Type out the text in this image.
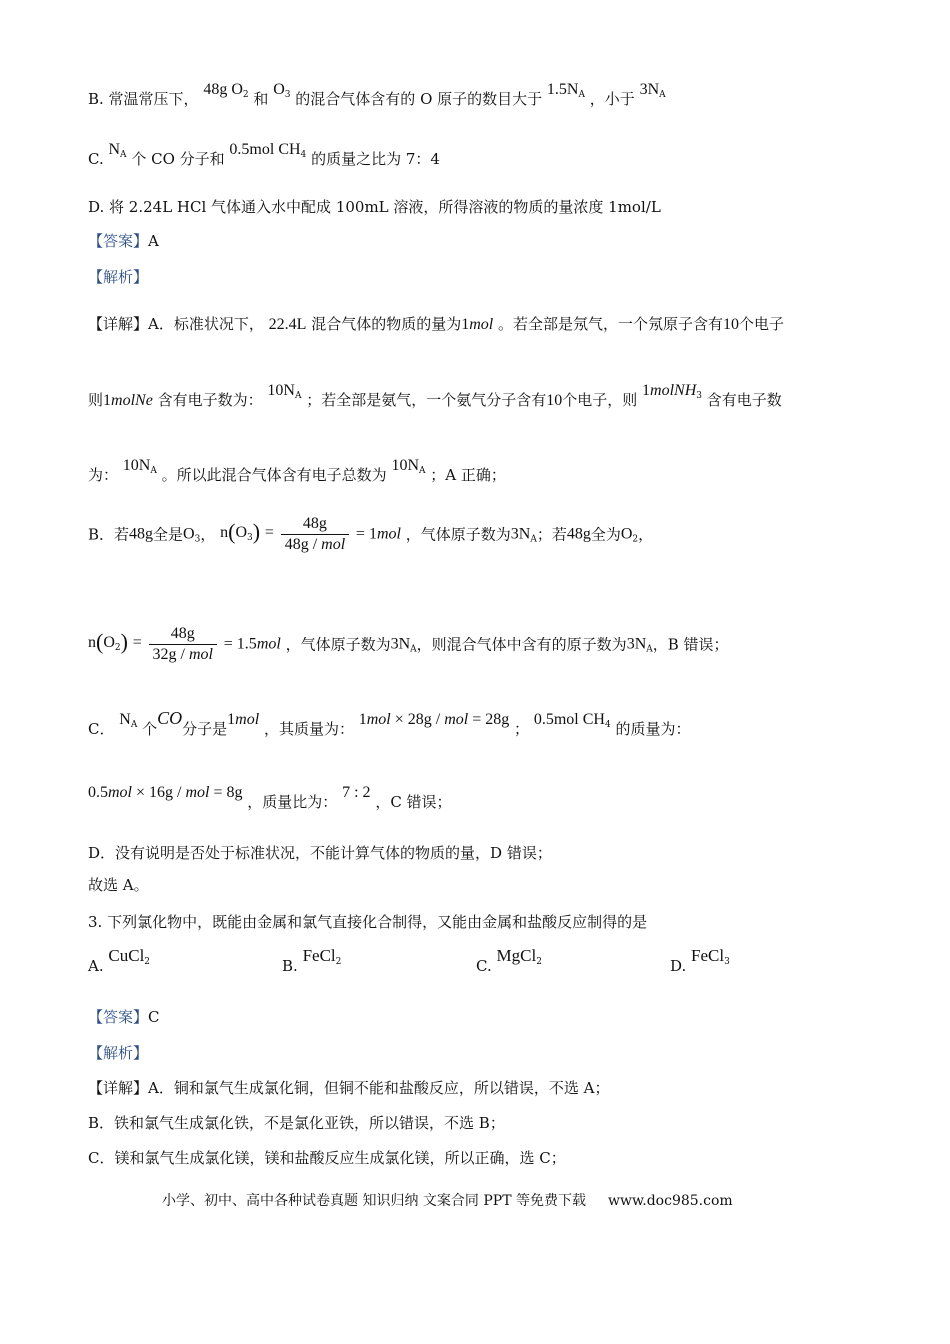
B. 常温常压下， 48g $O_2$ 和 $O_3$ 的混合气体含有的 O 原子的数目大于 $1.5N_A$ ，小于 $3N_A$
C. $N_A$ 个 CO 分子和 0.5mol $CH_4$ 的质量之比为 7：4
D. 将 2.24L HCl 气体通入水中配成 100mL 溶液，所得溶液的物质的量浓度 1mol/L
【答案】A
【解析】
【详解】A．标准状况下， 22.4L 混合气体的物质的量为1mol 。若全部是氖气，一个氖原子含有10个电子
则1molNe 含有电子数为： $10N_A$ ；若全部是氨气，一个氨气分子含有10个电子，则 1molNH$_3$ 含有电子数
为： $10N_A$ 。所以此混合气体含有电子总数为 $10N_A$ ；A 正确；
B．若48g全是$O_3$， $n(O_3) = \frac{48g}{\text{48g / mol}} = 1mol$ ，气体原子数为$3N_A$；若48g全为$O_2$，
$n(O_2) = \frac{48g}{\text{32g / mol}} = 1.5mol$ ，气体原子数为$3N_A$，则混合气体中含有的原子数为$3N_A$，B 错误；
C． $N_A$ 个CO分子是1mol ，其质量为： 1mol × 28g / mol = 28g ； 0.5mol $CH_4$ 的质量为：
0.5mol × 16g / mol = 8g ，质量比为： 7 : 2 ，C 错误；
D．没有说明是否处于标准状况，不能计算气体的物质的量，D 错误；
故选 A。
3. 下列氯化物中，既能由金属和氯气直接化合制得，又能由金属和盐酸反应制得的是
A. CuCl$_2$	B. FeCl$_2$	C. MgCl$_2$	D. FeCl$_3$
【答案】C
【解析】
【详解】A．铜和氯气生成氯化铜，但铜不能和盐酸反应，所以错误，不选 A；
B．铁和氯气生成氯化铁，不是氯化亚铁，所以错误，不选 B；
C．镁和氯气生成氯化镁，镁和盐酸反应生成氯化镁，所以正确，选 C；
小学、初中、高中各种试卷真题 知识归纳 文案合同 PPT 等免费下载 www.doc985.com
